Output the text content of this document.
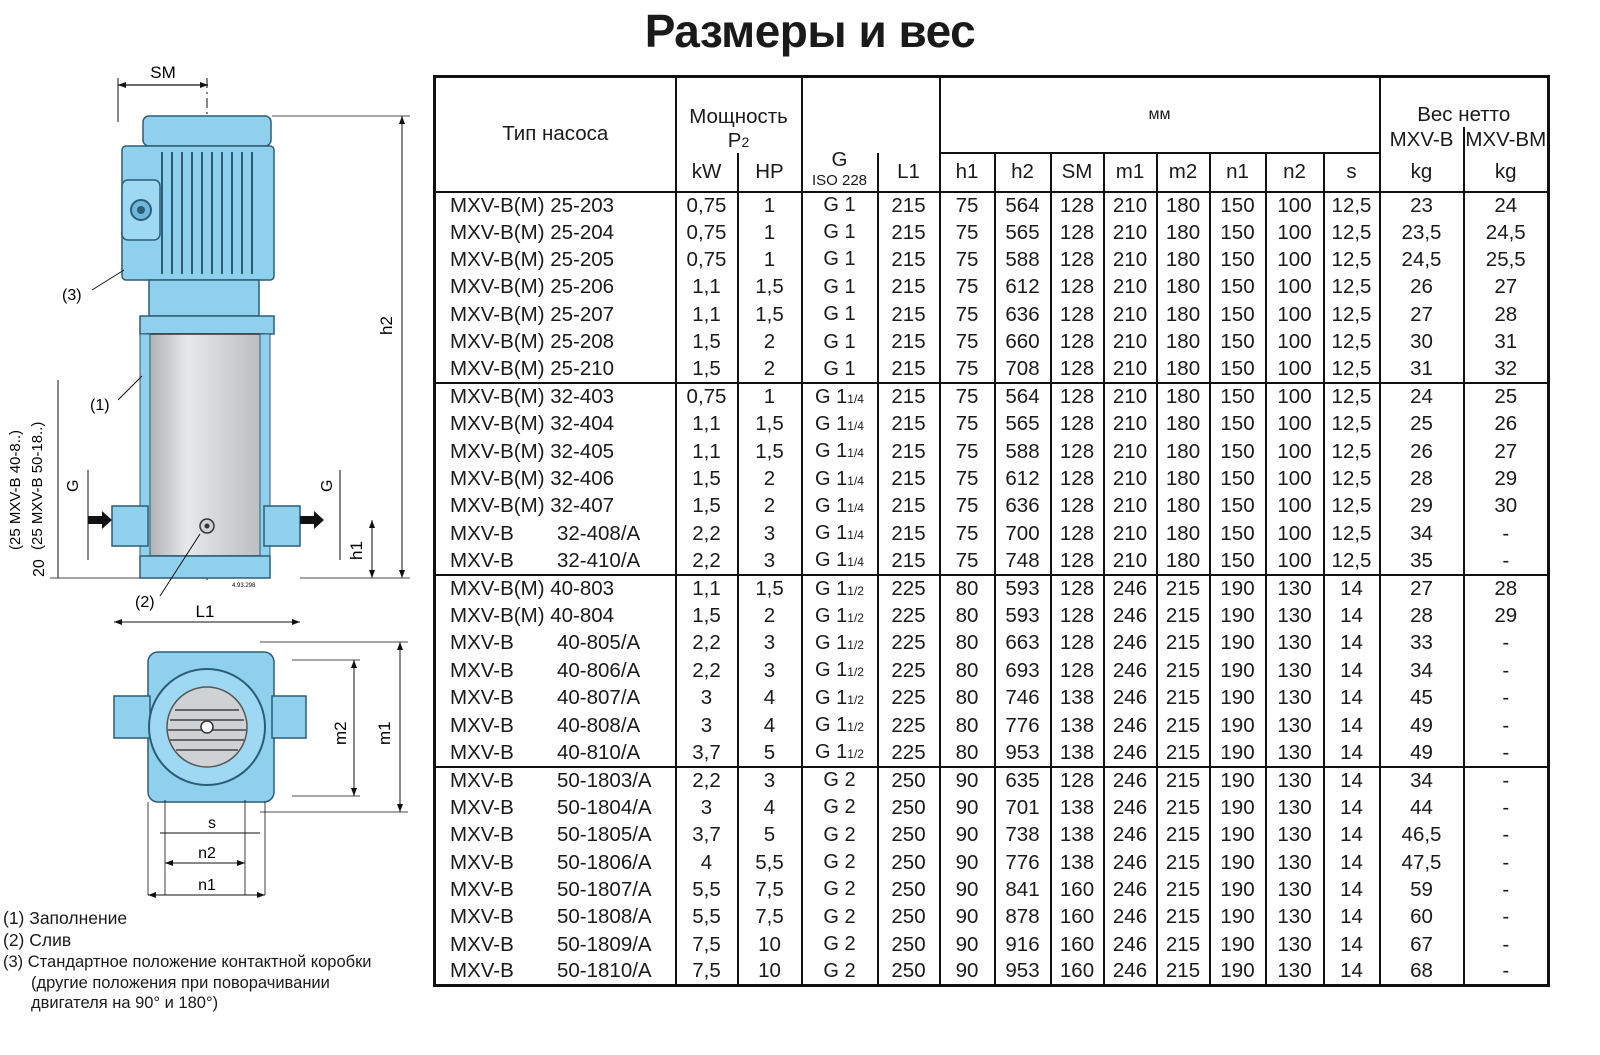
Размеры и вес
SM
4.93.298
G	G
h1
h2
(25 MXV-B 40-8..) (25 MXV-B 50-18..)
20
(3)
(1)
(2) L1
m2 m1
s
n2
n1
(1) Заполнение
(2) Слив
(3) Стандартное положение контактной коробки
(другие положения при поворачивании
двигателя на 90° и 180°)
Тип насоса	Мощность
P2				мм								Вес нетто	
													MXV-B	MXV-BM
	kW	HP	G
ISO 228	L1	h1	h2	SM	m1	m2	n1	n2	s	kg	kg
MXV-B(M) 25-203	0,75	1	G 1	215	75	564	128	210	180	150	100	12,5	23	24
MXV-B(M) 25-204	0,75	1	G 1	215	75	565	128	210	180	150	100	12,5	23,5	24,5
MXV-B(M) 25-205	0,75	1	G 1	215	75	588	128	210	180	150	100	12,5	24,5	25,5
MXV-B(M) 25-206	1,1	1,5	G 1	215	75	612	128	210	180	150	100	12,5	26	27
MXV-B(M) 25-207	1,1	1,5	G 1	215	75	636	128	210	180	150	100	12,5	27	28
MXV-B(M) 25-208	1,5	2	G 1	215	75	660	128	210	180	150	100	12,5	30	31
MXV-B(M) 25-210	1,5	2	G 1	215	75	708	128	210	180	150	100	12,5	31	32
MXV-B(M) 32-403	0,75	1	G 11/4	215	75	564	128	210	180	150	100	12,5	24	25
MXV-B(M) 32-404	1,1	1,5	G 11/4	215	75	565	128	210	180	150	100	12,5	25	26
MXV-B(M) 32-405	1,1	1,5	G 11/4	215	75	588	128	210	180	150	100	12,5	26	27
MXV-B(M) 32-406	1,5	2	G 11/4	215	75	612	128	210	180	150	100	12,5	28	29
MXV-B(M) 32-407	1,5	2	G 11/4	215	75	636	128	210	180	150	100	12,5	29	30
MXV-B 32-408/A	2,2	3	G 11/4	215	75	700	128	210	180	150	100	12,5	34	-
MXV-B 32-410/A	2,2	3	G 11/4	215	75	748	128	210	180	150	100	12,5	35	-
MXV-B(M) 40-803	1,1	1,5	G 11/2	225	80	593	128	246	215	190	130	14	27	28
MXV-B(M) 40-804	1,5	2	G 11/2	225	80	593	128	246	215	190	130	14	28	29
MXV-B 40-805/A	2,2	3	G 11/2	225	80	663	128	246	215	190	130	14	33	-
MXV-B 40-806/A	2,2	3	G 11/2	225	80	693	128	246	215	190	130	14	34	-
MXV-B 40-807/A	3	4	G 11/2	225	80	746	138	246	215	190	130	14	45	-
MXV-B 40-808/A	3	4	G 11/2	225	80	776	138	246	215	190	130	14	49	-
MXV-B 40-810/A	3,7	5	G 11/2	225	80	953	138	246	215	190	130	14	49	-
MXV-B 50-1803/A	2,2	3	G 2	250	90	635	128	246	215	190	130	14	34	-
MXV-B 50-1804/A	3	4	G 2	250	90	701	138	246	215	190	130	14	44	-
MXV-B 50-1805/A	3,7	5	G 2	250	90	738	138	246	215	190	130	14	46,5	-
MXV-B 50-1806/A	4	5,5	G 2	250	90	776	138	246	215	190	130	14	47,5	-
MXV-B 50-1807/A	5,5	7,5	G 2	250	90	841	160	246	215	190	130	14	59	-
MXV-B 50-1808/A	5,5	7,5	G 2	250	90	878	160	246	215	190	130	14	60	-
MXV-B 50-1809/A	7,5	10	G 2	250	90	916	160	246	215	190	130	14	67	-
MXV-B 50-1810/A	7,5	10	G 2	250	90	953	160	246	215	190	130	14	68	-
